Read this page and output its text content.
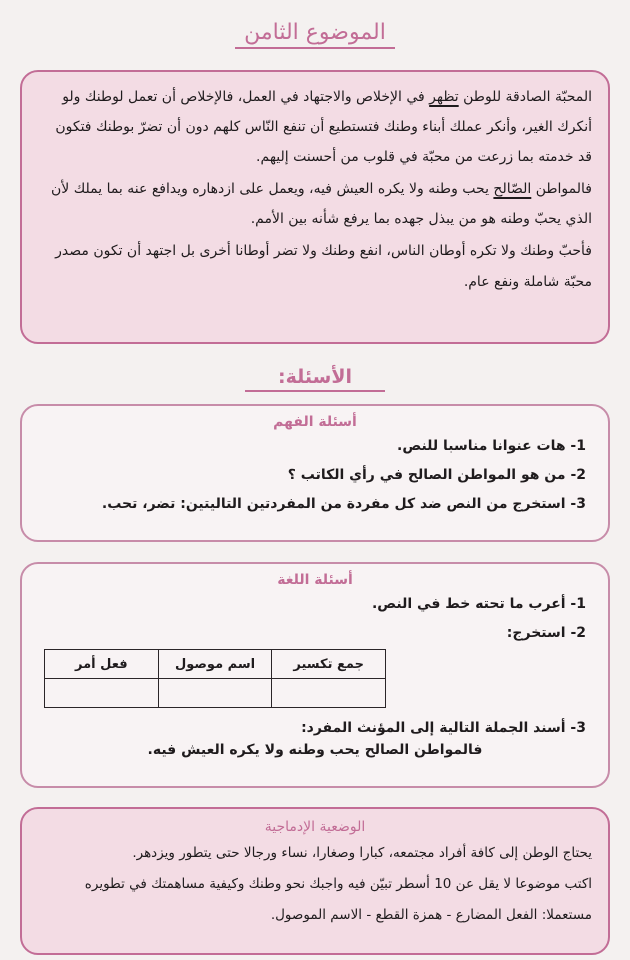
الموضوع الثامن

المحبّة الصادقة للوطن تظهر في الإخلاص والاجتهاد في العمل، فالإخلاص أن تعمل لوطنك ولو أنكرك الغير، وأنكر عملك أبناء وطنك فتستطيع أن تنفع النّاس كلهم دون أن تضرّ بوطنك فتكون قد خدمته بما زرعت من محبّة في قلوب من أحسنت إليهم.

فالمواطن الصّالح يحب وطنه ولا يكره العيش فيه، ويعمل على ازدهاره ويدافع عنه بما يملك لأن الذي يحبّ وطنه هو من يبذل جهده بما يرفع شأنه بين الأمم.

فأحبّ وطنك ولا تكره أوطان الناس، انفع وطنك ولا تضر أوطانا أخرى بل اجتهد أن تكون مصدر محبّة شاملة ونفع عام.

الأسئلة:
أسئلة الفهم
1- هات عنوانا مناسبا للنص.
2- من هو المواطن الصالح في رأي الكاتب ؟
3- استخرج من النص ضد كل مفردة من المفردتين التاليتين: تضر، تحب.
أسئلة اللغة
1- أعرب ما تحته خط في النص.
2- استخرج:
جمع تكسير	اسم موصول	فعل أمر

3- أسند الجملة التالية إلى المؤنث المفرد:
فالمواطن الصالح يحب وطنه ولا يكره العيش فيه.
الوضعية الإدماجية

يحتاج الوطن إلى كافة أفراد مجتمعه، كبارا وصغارا، نساء ورجالا حتى يتطور ويزدهر.

اكتب موضوعا لا يقل عن 10 أسطر تبيّن فيه واجبك نحو وطنك وكيفية مساهمتك في تطويره

مستعملا: الفعل المضارع - همزة القطع - الاسم الموصول.
